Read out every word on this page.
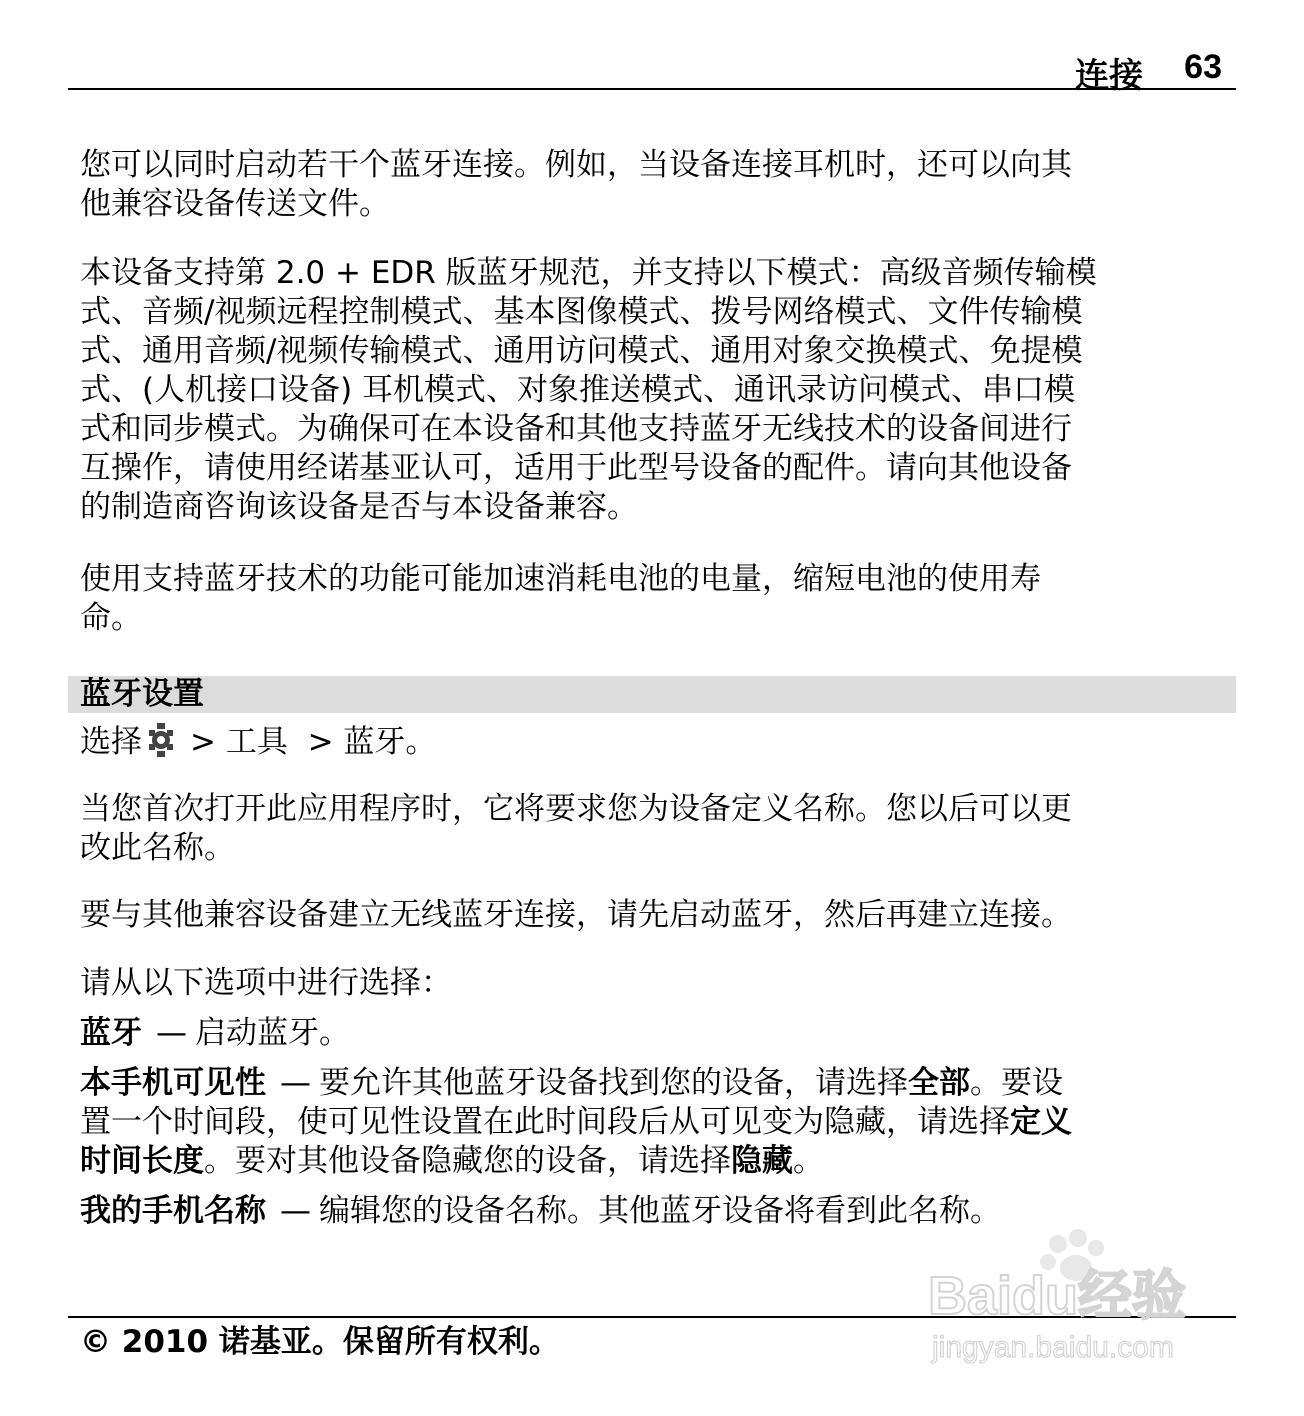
连接 63

您可以同时启动若干个蓝牙连接。例如，当设备连接耳机时，还可以向其
他兼容设备传送文件。

本设备支持第 2.0 + EDR 版蓝牙规范，并支持以下模式：高级音频传输模
式、音频/视频远程控制模式、基本图像模式、拨号网络模式、文件传输模
式、通用音频/视频传输模式、通用访问模式、通用对象交换模式、免提模
式、(人机接口设备) 耳机模式、对象推送模式、通讯录访问模式、串口模
式和同步模式。为确保可在本设备和其他支持蓝牙无线技术的设备间进行
互操作，请使用经诺基亚认可，适用于此型号设备的配件。请向其他设备
的制造商咨询该设备是否与本设备兼容。

使用支持蓝牙技术的功能可能加速消耗电池的电量，缩短电池的使用寿
命。

选择 > 工具 > 蓝牙。

当您首次打开此应用程序时，它将要求您为设备定义名称。您以后可以更
改此名称。

要与其他兼容设备建立无线蓝牙连接，请先启动蓝牙，然后再建立连接。

请从以下选项中进行选择：

蓝牙 — 启动蓝牙。

本手机可见性 — 要允许其他蓝牙设备找到您的设备，请选择全部。要设
置一个时间段，使可见性设置在此时间段后从可见变为隐藏，请选择定义
时间长度。要对其他设备隐藏您的设备，请选择隐藏。

我的手机名称 — 编辑您的设备名称。其他蓝牙设备将看到此名称。

蓝牙设置
© 2010 诺基亚。保留所有权利。
Baidu经验
jingyan.baidu.com
